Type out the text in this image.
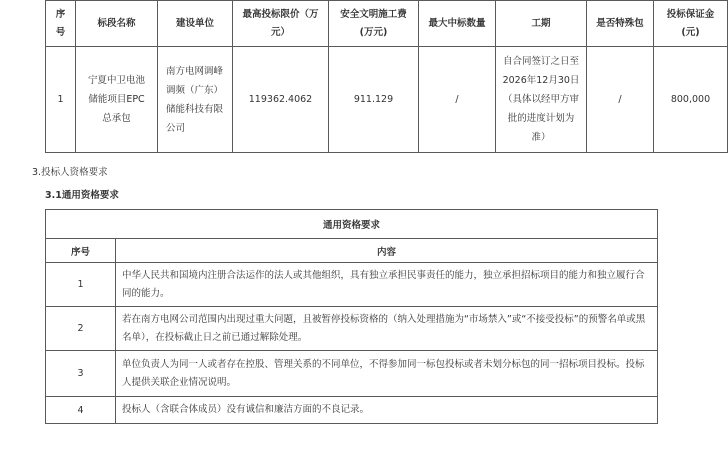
序号	标段名称	建设单位	最高投标限价（万元）	安全文明施工费(万元)	最大中标数量	工期	是否特殊包	投标保证金(元)
1	宁夏中卫电池储能项目EPC总承包	南方电网调峰调频（广东）储能科技有限公司	119362.4062	911.129	/	自合同签订之日至2026年12月30日（具体以经甲方审批的进度计划为准）	/	800,000
3.投标人资格要求
3.1通用资格要求
通用资格要求	
序号	内容
1	中华人民共和国境内注册合法运作的法人或其他组织，具有独立承担民事责任的能力，独立承担招标项目的能力和独立履行合同的能力。
2	若在南方电网公司范围内出现过重大问题，且被暂停投标资格的（纳入处理措施为“市场禁入”或“不接受投标”的预警名单或黑名单），在投标截止日之前已通过解除处理。
3	单位负责人为同一人或者存在控股、管理关系的不同单位，不得参加同一标包投标或者未划分标包的同一招标项目投标。投标人提供关联企业情况说明。
4	投标人（含联合体成员）没有诚信和廉洁方面的不良记录。
